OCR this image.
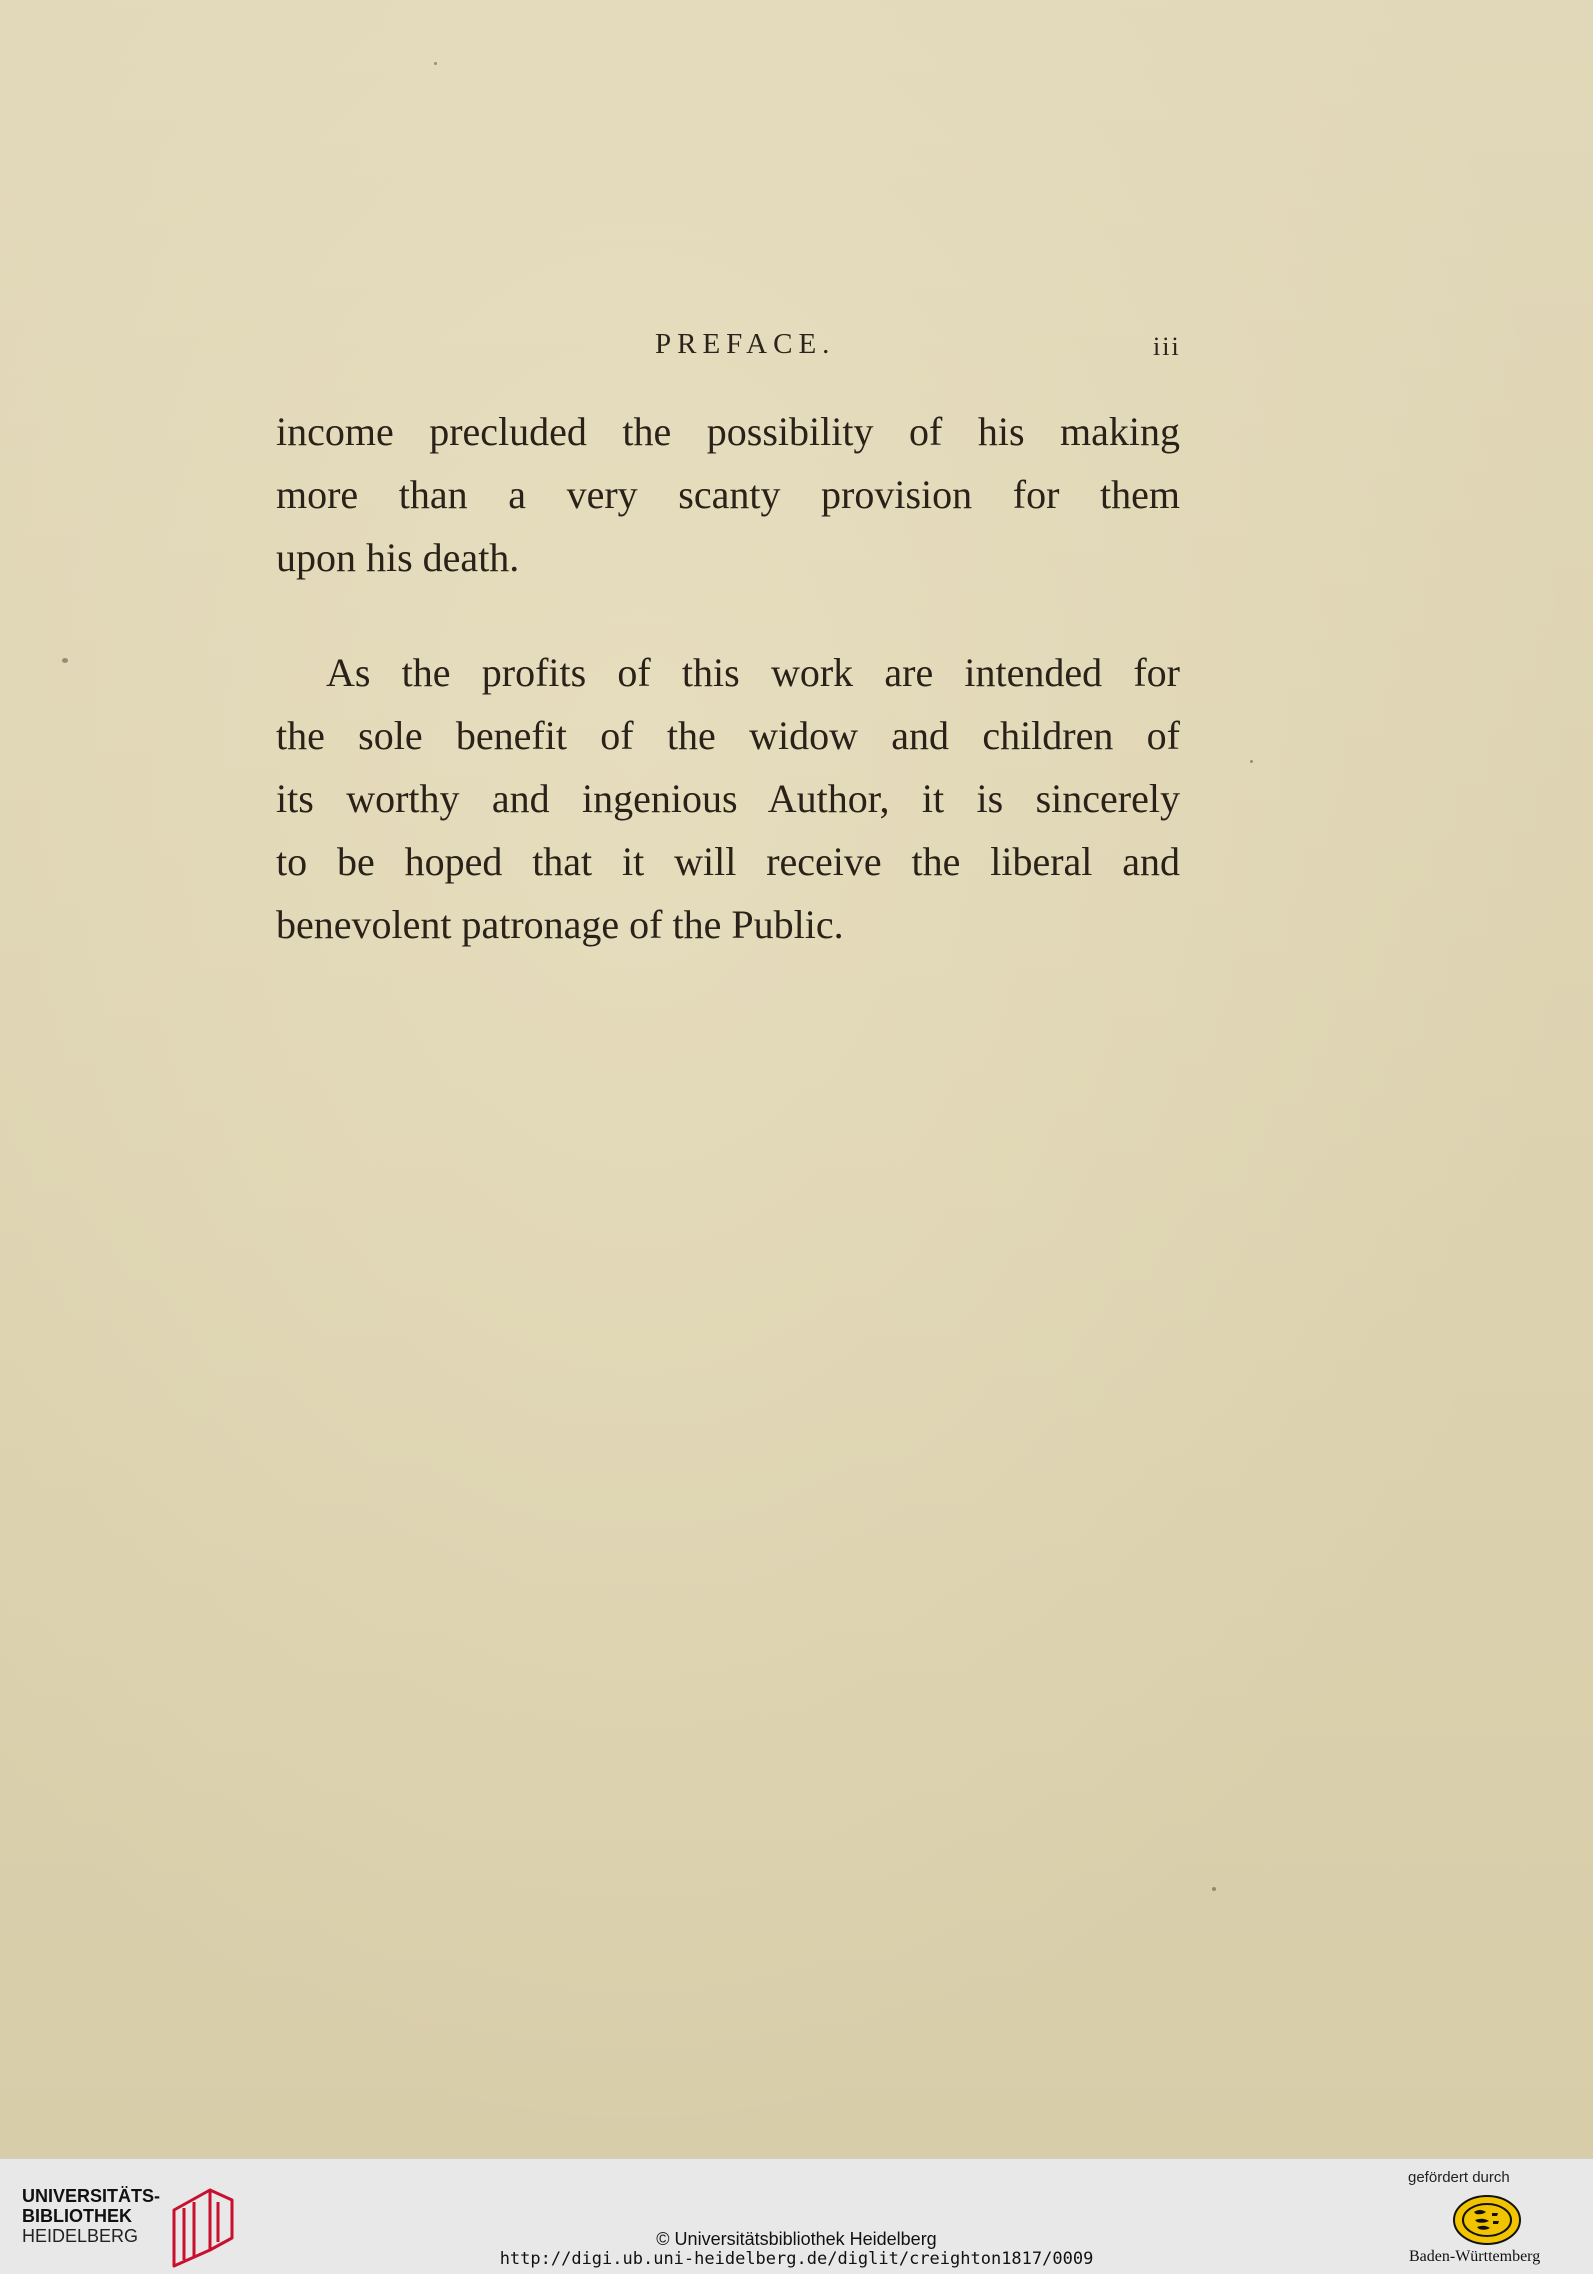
PREFACE.	iii

income precluded the possibility of his making
more than a very scanty provision for them
upon his death.

As the profits of this work are intended for
the sole benefit of the widow and children of
its worthy and ingenious Author, it is sincerely
to be hoped that it will receive the liberal and
benevolent patronage of the Public.

UNIVERSITÄTS-
BIBLIOTHEK
HEIDELBERG	© Universitätsbibliothek Heidelberg
http://digi.ub.uni-heidelberg.de/diglit/creighton1817/0009
gefördert durch
Baden-Württemberg
